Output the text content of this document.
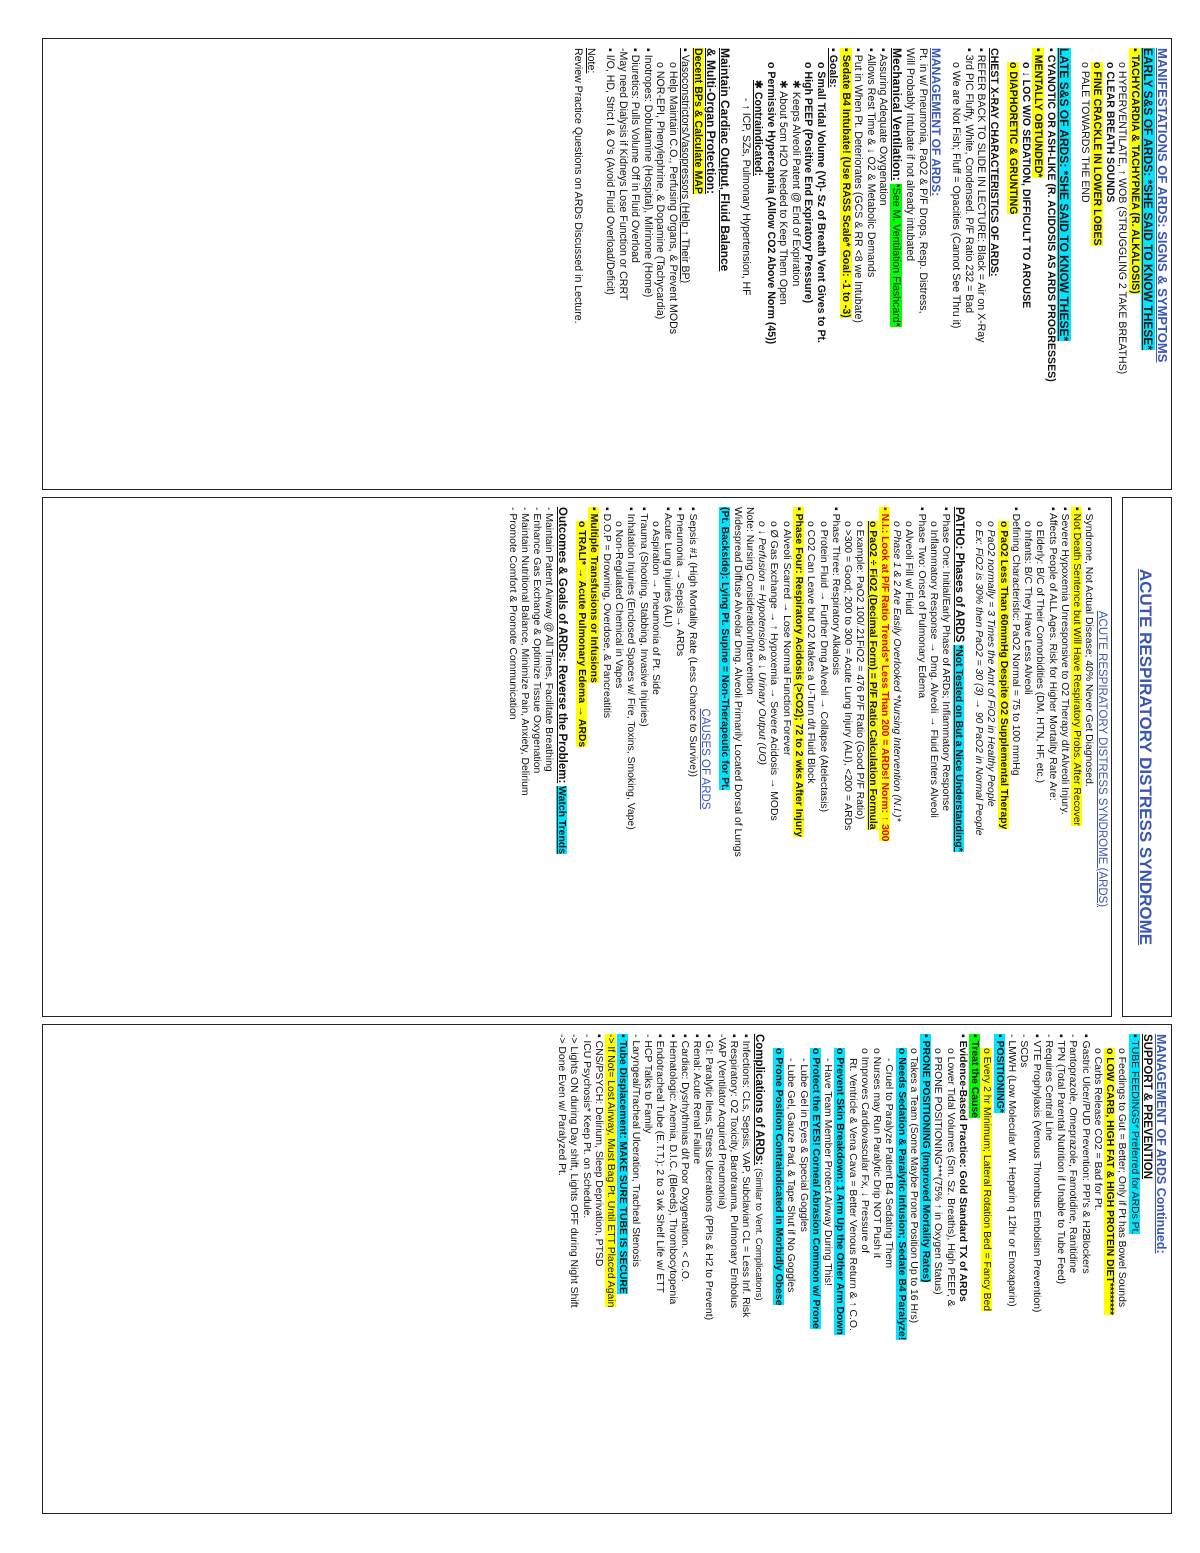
MANIFESTATIONS OF ARDS: SIGNS & SYMPTOMS
EARLY S&S OF ARDS: *SHE SAID TO KNOW THESE*
▪ TACHYCARDIA & TACHYPNEA (R. ALKALOSIS)
o HYPERVENTILATE, ↑ WOB (STRUGGLING 2 TAKE BREATHS)
o CLEAR BREATH SOUNDS
o FINE CRACKLE IN LOWER LOBES
o PALE TOWARDS THE END
LATE S&S OF ARDS: *SHE SAID TO KNOW THESE*
▪ CYANOTIC OR ASH-LIKE (R. ACIDOSIS AS ARDS PROGRESSES)
▪ MENTALLY OBTUNDED*
o ↓ LOC W/O SEDATION, DIFFICULT TO AROUSE
o DIAPHORETIC & GRUNTING
CHEST X-RAY CHARACTERISTICS OF ARDS:
▪ REFER BACK TO SLIDE IN LECTURE: Black = Air on X-Ray
▪ 3rd PIC Fluffy, White, Condensed. P/F Ratio 232 = Bad
o We are Not Fish; Fluff = Opacities (Cannot See Thru it)
MANAGEMENT OF ARDS:
Pt. in w/ Pneumonia, PaO2 & P/F Drops, Resp. Distress,
Will Probably Intubate if not already intubated
Mechanical Ventilation: *See M. Ventilation Flashcard*
▪ Assuring Adequate Oxygenation
▪ Allows Rest Time & ↓ O2 & Metabolic Demands
▪ Put in When Pt. Deteriorates (GCS & RR <8 we Intubate)
▪ Sedate B4 Intubate! (Use RASS Scale* Goal: -1 to -3)
▪ Goals:
o Small Tidal Volume (Vt)- Sz of Breath Vent Gives to Pt.
o High PEEP (Positive End Expiratory Pressure)
✱ Keeps Alveoli Patent @ End of Expiration
✱ About 5cm H2O Needed to Keep Them Open
o Permissive Hypercapnia (Allow CO2 Above Norm (45))
✱ Contraindicated:
- ↑ ICP, SZs, Pulmonary Hypertension, HF
Maintain Cardiac Output, Fluid Balance
& Multi-Organ Protection:
Decent BPs & Calculate MAP
▪ Vasoconstrictors/Vasopressors (Help ↑ Their BP)
o Help Maintain C.O., Perfusing Organs, & Prevent MODs
o NOR-EPI, Phenylephrine, & Dopamine (Tachycardia)
▪ Inotropes: Dobutamine (Hospital), Milrinone (Home)
▪ Diuretics: Pulls Volume Off in Fluid Overload
-May need Dialysis if Kidneys Lose Function or CRRT
▪ I/O, HD, Strict I & O's (Avoid Fluid Overload/Deficit)
Note:
Review Practice Questions on ARDs Discussed in Lecture.
ACUTE RESPIRATORY DISTRESS SYNDROME
ACUTE RESPIRATORY DISTRESS SYNDROME (ARDS)
▪ Syndrome, Not Actual Disease; 40% Never Get Diagnosed.
▪ Not Death Sentence but Will Have Respiratory Probs. After Recover
▪ Severe Hypoxemia Unresponsive to O2 Therapy d/t Alveoli Injury.
▪ Affects People of ALL Ages. Risk for Higher Mortality Rate Are:
o Elderly: B/C of Their Comorbidities (DM, HTN, HF, etc.)
o Infants: B/C They Have Less Alveoli
▪ Defining Characteristic: PaO2 Normal = 75 to 100 mmHg
o PaO2 Less Than 60mmHg Despite O2 Supplemental Therapy
o PaO2 normally = 3 Times the Amt of FiO2 in Healthy People
o Ex: FiO2 is 30% then PaO2 = 30 (3) → 90 PaO2 in Normal People
PATHO: Phases of ARDS *Not Tested on But a Nice Understanding*
▪ Phase One: Initial/Early Phase of ARDs; Inflammatory Response
o Inflammatory Response → Dmg. Alveoli → Fluid Enters Alveoli
▪ Phase Two: Onset of Pulmonary Edema
o Alveoli Fill w/ Fluid
o Phase 1 & 2 Are Easily Overlooked *Nursing Intervention (N.I.)*
▪ N.I.: Look at P/F Ratio Trends* Less Than 200 = ARDs! Norm: ↑ 300
o PaO2 ÷ FiO2 (Decimal Form) = P/F Ratio Calculation Formula
o Example: PaO2 100/.21FiO2 = 476 P/F Ratio (Good P/F Ratio)
o >300 = Good; 200 to 300 = Acute Lung Injury (ALI), <200 = ARDs
▪ Phase Three: Respiratory Alkalosis
o Protein Fluid → Further Dmg Alveoli → Collapse (Atelectasis)
o CO2 Can Leave but O2 Makes a U-Turn d/t Fluid Block
▪ Phase Four: Respiratory Acidosis (>CO2); 72 to 2 wks After Injury
o Alveoli Scarred → Lose Normal Function Forever
o Ø Gas Exchange → ↑ Hypoxemia → Severe Acidosis → MODs
o ↓ Perfusion = Hypotension & ↓ Urinary Output (UO)
Note: Nursing Consideration/Intervention
Widespread Diffuse Alveolar Dmg. Alveoli Primarily Located Dorsal of Lungs
(Pt. Backside): Lying Pt. Supine = Non-Therapeutic for Pt.
CAUSES OF ARDS
▪ Sepsis #1 (High Mortality Rate (Less Chance to Survive))
▪ Pneumonia → Sepsis → ARDs
▪ Acute Lung Injuries (ALI)
o Aspiration → Pneumonia of Pt. Side
▪ Trauma (Shooting, Stabbing, Invasive Injuries)
▪ Inhalation Injuries (Enclosed Spaces w/ Fire, Toxins, Smoking, Vape)
o Non-Regulated Chemical in Vapes
▪ D.O.P = Drowning, Overdose, & Pancreatitis
▪ Multiple Transfusions or Infusions
o TRALI* → Acute Pulmonary Edema → ARDs
Outcomes & Goals of ARDs: Reverse the Problem: Watch Trends
- Maintain Patent Airway @ All Times, Facilitate Breathing
- Enhance Gas Exchange & Optimize Tissue Oxygenation
- Maintain Nutritional Balance, Minimize Pain, Anxiety, Delirium
- Promote Comfort & Promote Communication
MANAGEMENT OF ARDS Continued:
SUPPORT & PREVENTION
▪ TUBE FEEDINGS* Preferred for ARDs Pt.
o Feedings to Gut = Better; Only if Pt has Bowel Sounds
o LOW CARB, HIGH FAT & HIGH PROTEIN DIET********
o Carbs Release CO2 = Bad for Pt.
▪ Gastric Ulcer/PUD Prevention: PPI's & H2Blockers
- Pantoprazole, Omeprazole, Famotidine, Ranitidine
▪ TPN (Total Parental Nutrition if Unable to Tube Feed)
- Requires Central Line
▪ VTE Prophylaxis (Venous Thrombus Embolism Prevention)
- SCDs
- LMWH (Low Molecular Wt. Heparin q 12hr or Enoxaparin)
▪ POSITIONING*
o Every 2 hr Minimum; Lateral Rotation Bed = Fancy Bed
▪ Treat the Cause
▪ Evidence-Based Practice: Gold Standard TX of ARDs
o Lower Tidal Volumes (Sm. Sz. Breaths), High PEEP, &
o PRONE POSITIONING***(75% ↑ in Oxygen Status)
▪ PRONE POSITIONING (Improved Mortality Rates)
o Takes a Team (Some Maybe Prone Position Up to 16 Hrs)
o Needs Sedation & Paralytic Infusion; Sedate B4 Paralyze!
- Cruel to Paralyze Patient B4 Sedating Them
o Nurses may Run Paralytic Drip NOT Push it
o Improves Cardiovascular Fx, ↓ Pressure of
Rt. Ventricle & Vena Cava = Better Venous Return & ↑ C.O.
o Prevent Skin Breakdown: 1 Arm Up the Other Arm Down
- Have Team Member Protect Airway During This!
o Protect the EYES! Corneal Abrasion Common w/ Prone
- Lube Gel in Eyes & Special Goggles
- Lube Gel, Gauze Pad, & Tape Shut if No Goggles
o Prone Position Contraindicated in Morbidly Obese
Complications of ARDs: (Similar to Vent. Complications)
▪ Infections: CLs, Sepsis, VAP, Subclavian CL = Less Inf. Risk
▪ Respiratory: O2 Toxicity, Barotrauma, Pulmonary Embolus
-VAP (Ventilator Acquired Pneumonia)
▪ GI: Paralytic Ileus, Stress Ulcerations (PPIs & H2 to Prevent)
▪ Renal: Acute Renal Failure
▪ Cardiac: Dysrhythmias d/t Poor Oxygenation. < C.O.
▪ Hematologic: Anemia, D.I.C. (Bleeds), Thrombocytopenia
▪ Endotracheal Tube (E.T.T.): 2 to 3 wk Shelf Life w/ ETT
- HCP Talks to Family
- Laryngeal/Tracheal Ulceration, Tracheal Stenosis
▪ Tube Displacement: MAKE SURE TUBE IS SECURE
-> If Not= Lost Airway, Must Bag Pt. Until ETT Placed Again
▪ CNS/PSYCH: Delirium, Sleep Deprivation, PTSD
- ICU Psychosis* Keep Pt. on Schedule.
-> Lights ON during Day shift, Lights OFF during Night Shift
-> Done Even w/ Paralyzed Pt.
